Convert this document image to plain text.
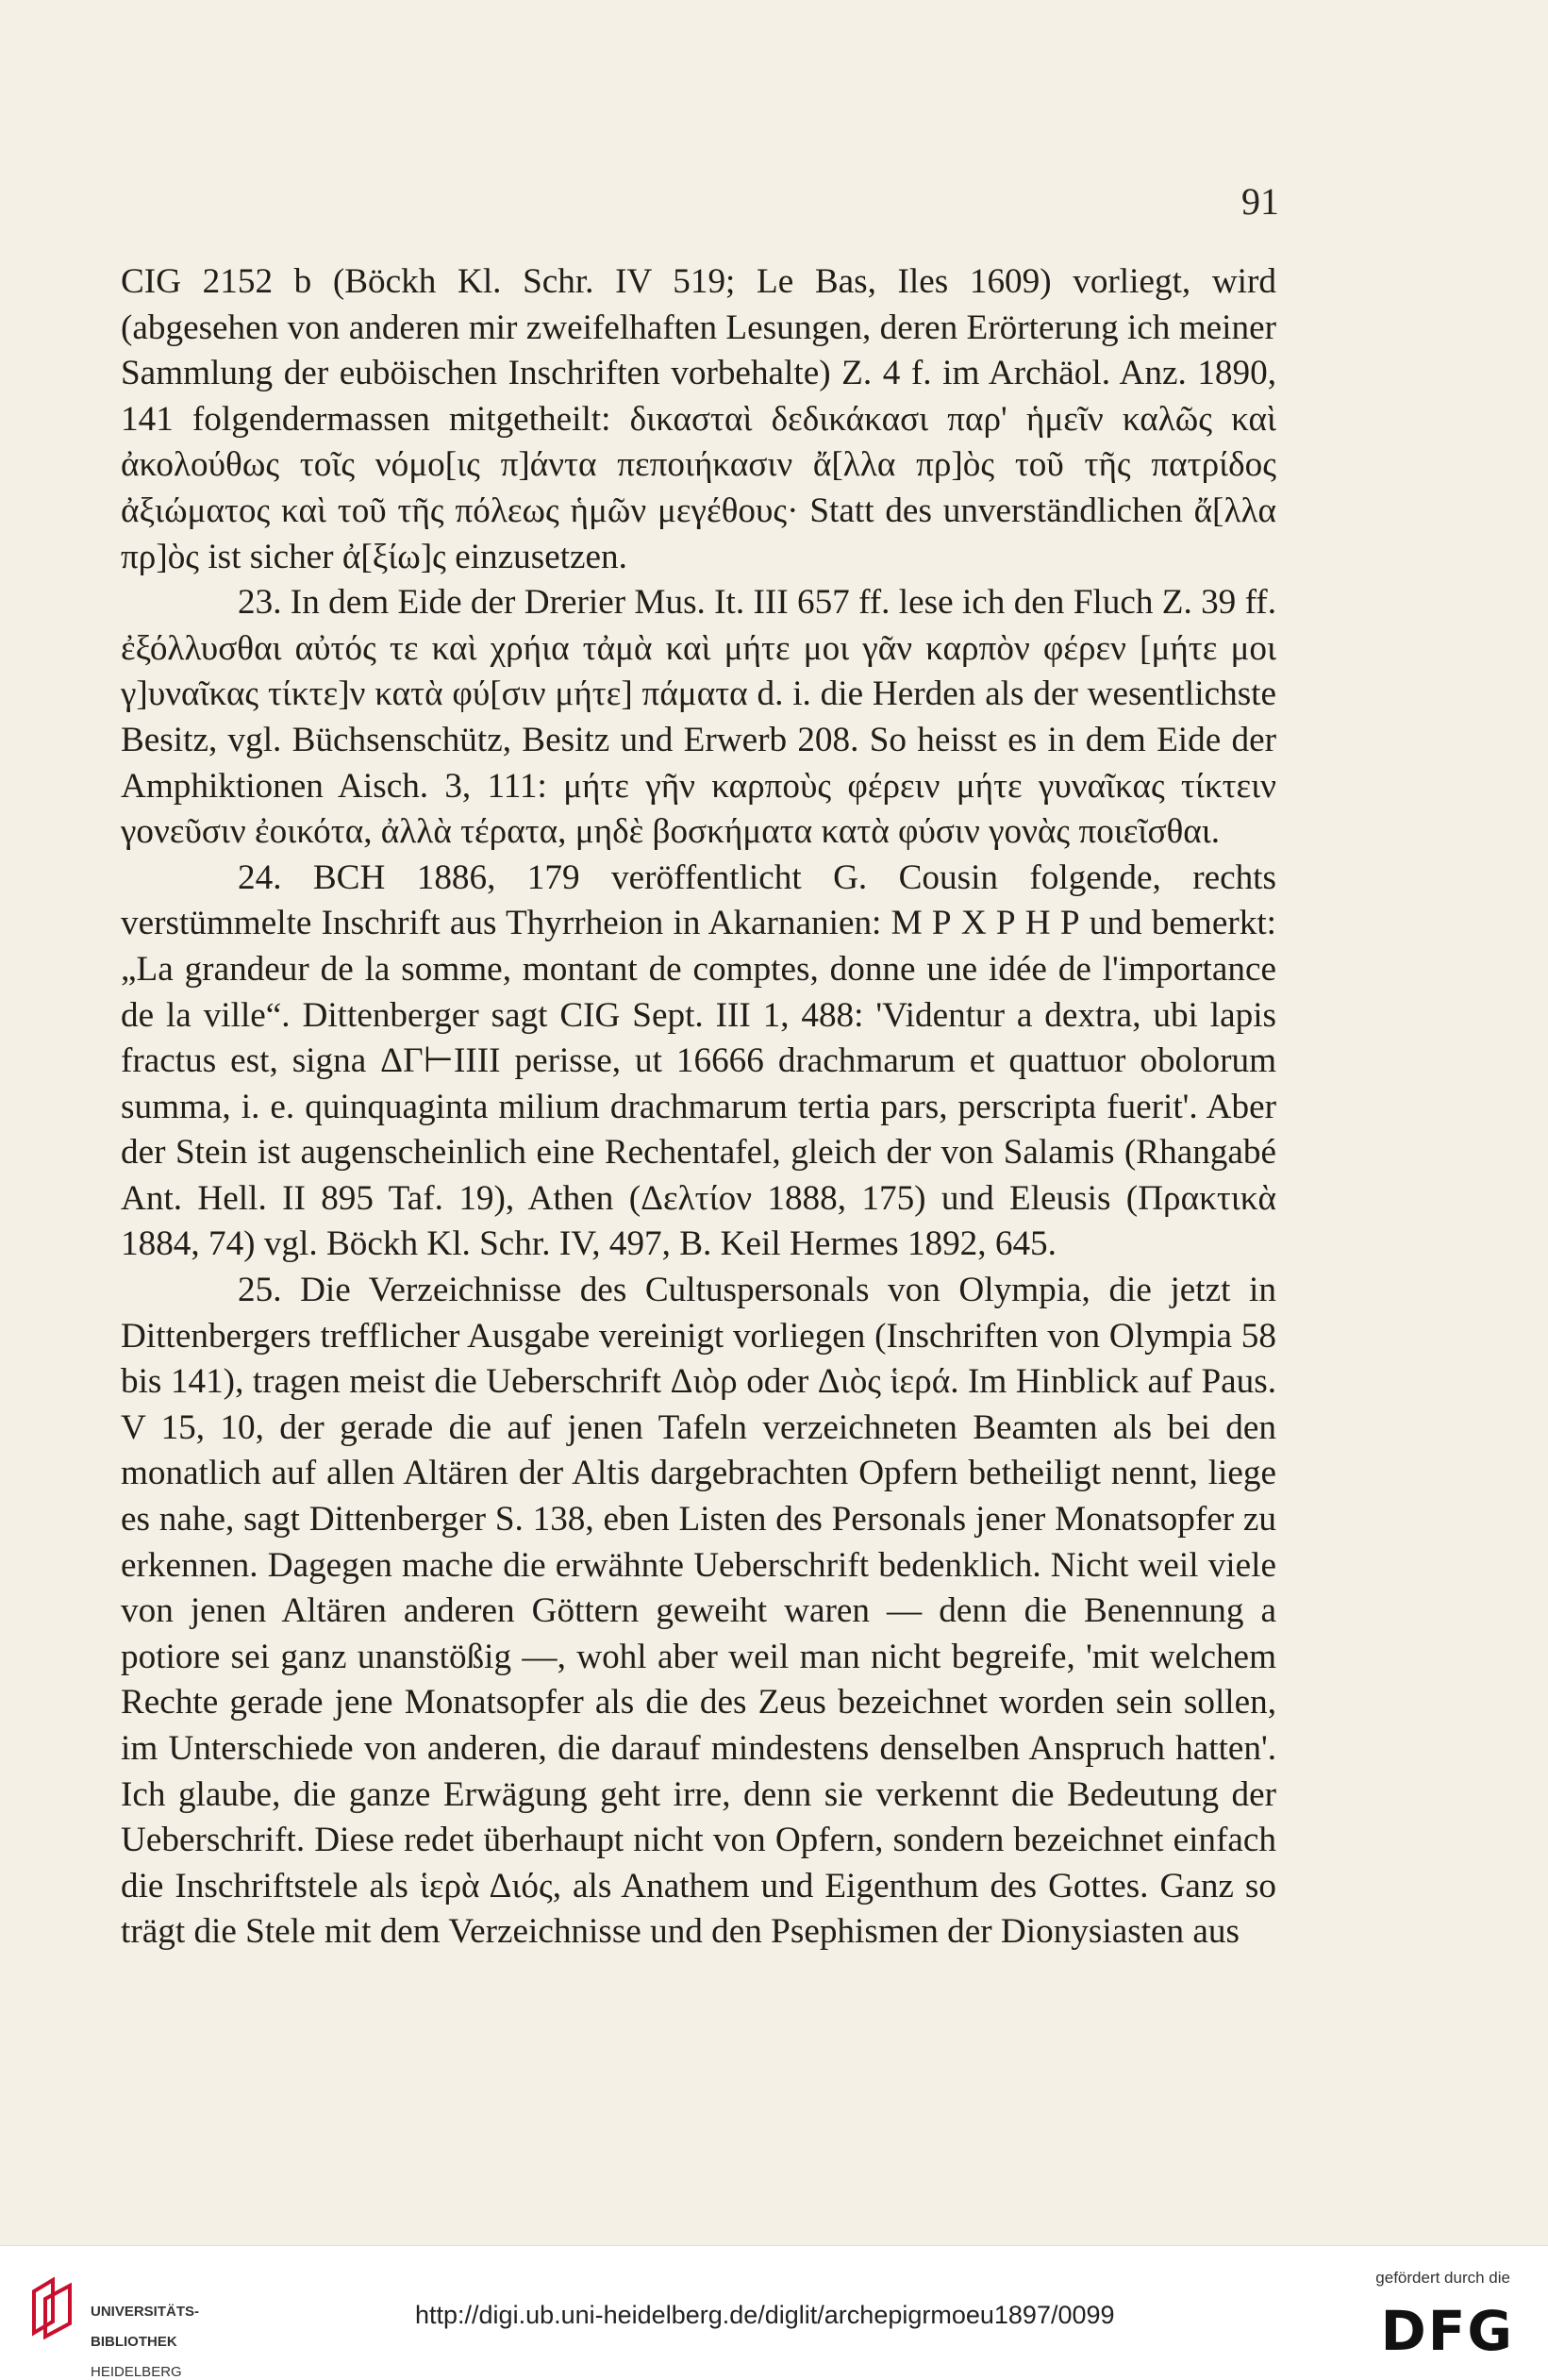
91

CIG 2152 b (Böckh Kl. Schr. IV 519; Le Bas, Iles 1609) vorliegt, wird (abgesehen von anderen mir zweifelhaften Lesungen, deren Erörterung ich meiner Sammlung der euböischen Inschriften vorbehalte) Z. 4 f. im Archäol. Anz. 1890, 141 folgendermassen mitgetheilt: δικασταὶ δεδικάκασι παρ' ἡμεῖν καλῶς καὶ ἀκολούθως τοῖς νόμο[ις π]άντα πεποιήκασιν ἄ[λλα πρ]ὸς τοῦ τῆς πατρίδος ἀξιώματος καὶ τοῦ τῆς πόλεως ἡμῶν μεγέθους· Statt des unverständlichen ἄ[λλα πρ]ὸς ist sicher ἀ[ξίω]ς einzusetzen.

23. In dem Eide der Drerier Mus. It. III 657 ff. lese ich den Fluch Z. 39 ff. ἐξόλλυσθαι αὐτός τε καὶ χρήια τἀμὰ καὶ μήτε μοι γᾶν καρπὸν φέρεν [μήτε μοι γ]υναῖκας τίκτε]ν κατὰ φύ[σιν μήτε] πάματα d. i. die Herden als der wesentlichste Besitz, vgl. Büchsenschütz, Besitz und Erwerb 208. So heisst es in dem Eide der Amphiktionen Aisch. 3, 111: μήτε γῆν καρποὺς φέρειν μήτε γυναῖκας τίκτειν γονεῦσιν ἐοικότα, ἀλλὰ τέρατα, μηδὲ βοσκήματα κατὰ φύσιν γονὰς ποιεῖσθαι.

24. BCH 1886, 179 veröffentlicht G. Cousin folgende, rechts verstümmelte Inschrift aus Thyrrheion in Akarnanien: Μ Ρ Χ Ρ Η Ρ und bemerkt: „La grandeur de la somme, montant de comptes, donne une idée de l'importance de la ville“. Dittenberger sagt CIG Sept. III 1, 488: 'Videntur a dextra, ubi lapis fractus est, signa ΔΓ⊢IIII perisse, ut 16666 drachmarum et quattuor obolorum summa, i. e. quinquaginta milium drachmarum tertia pars, perscripta fuerit'. Aber der Stein ist augenscheinlich eine Rechentafel, gleich der von Salamis (Rhangabé Ant. Hell. II 895 Taf. 19), Athen (Δελτίον 1888, 175) und Eleusis (Πρακτικὰ 1884, 74) vgl. Böckh Kl. Schr. IV, 497, B. Keil Hermes 1892, 645.

25. Die Verzeichnisse des Cultuspersonals von Olympia, die jetzt in Dittenbergers trefflicher Ausgabe vereinigt vorliegen (Inschriften von Olympia 58 bis 141), tragen meist die Ueberschrift Διὸρ oder Διὸς ἱερά. Im Hinblick auf Paus. V 15, 10, der gerade die auf jenen Tafeln verzeichneten Beamten als bei den monatlich auf allen Altären der Altis dargebrachten Opfern betheiligt nennt, liege es nahe, sagt Dittenberger S. 138, eben Listen des Personals jener Monatsopfer zu erkennen. Dagegen mache die erwähnte Ueberschrift bedenklich. Nicht weil viele von jenen Altären anderen Göttern geweiht waren — denn die Benennung a potiore sei ganz unanstößig —, wohl aber weil man nicht begreife, 'mit welchem Rechte gerade jene Monatsopfer als die des Zeus bezeichnet worden sein sollen, im Unterschiede von anderen, die darauf mindestens denselben Anspruch hatten'. Ich glaube, die ganze Erwägung geht irre, denn sie verkennt die Bedeutung der Ueberschrift. Diese redet überhaupt nicht von Opfern, sondern bezeichnet einfach die Inschriftstele als ἱερὰ Διός, als Anathem und Eigenthum des Gottes. Ganz so trägt die Stele mit dem Verzeichnisse und den Psephismen der Dionysiasten aus

UNIVERSITÄTS-

BIBLIOTHEK

HEIDELBERG

http://digi.ub.uni-heidelberg.de/diglit/archepigrmoeu1897/0099
gefördert durch die
DFG
